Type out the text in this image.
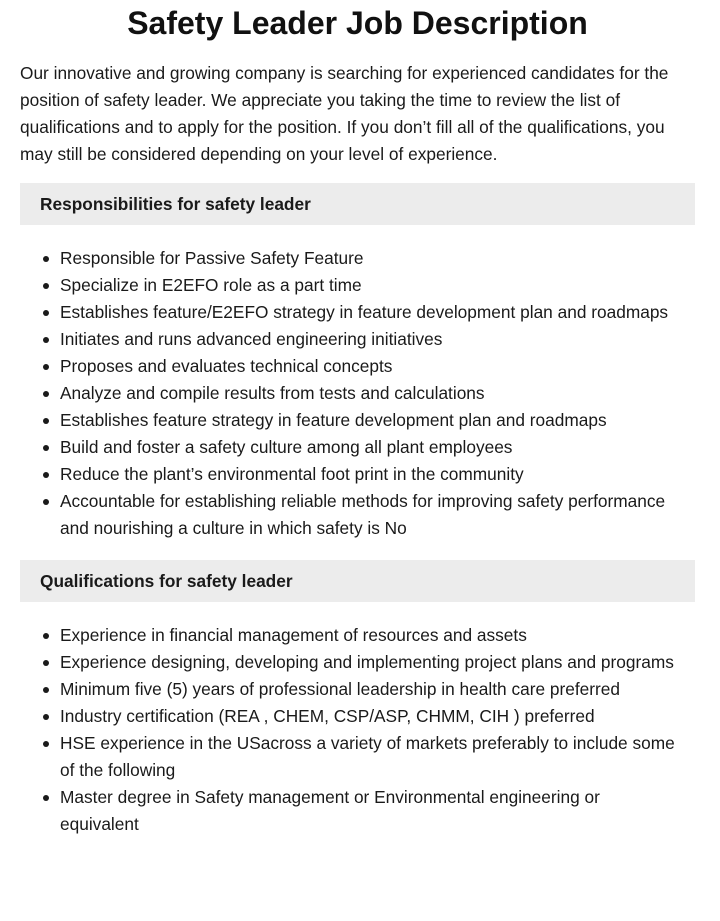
Safety Leader Job Description

Our innovative and growing company is searching for experienced candidates for the position of safety leader. We appreciate you taking the time to review the list of qualifications and to apply for the position. If you don’t fill all of the qualifications, you may still be considered depending on your level of experience.

Responsibilities for safety leader
Responsible for Passive Safety Feature
Specialize in E2EFO role as a part time
Establishes feature/E2EFO strategy in feature development plan and roadmaps
Initiates and runs advanced engineering initiatives
Proposes and evaluates technical concepts
Analyze and compile results from tests and calculations
Establishes feature strategy in feature development plan and roadmaps
Build and foster a safety culture among all plant employees
Reduce the plant’s environmental foot print in the community
Accountable for establishing reliable methods for improving safety performance and nourishing a culture in which safety is No
Qualifications for safety leader
Experience in financial management of resources and assets
Experience designing, developing and implementing project plans and programs
Minimum five (5) years of professional leadership in health care preferred
Industry certification (REA , CHEM, CSP/ASP, CHMM, CIH ) preferred
HSE experience in the USacross a variety of markets preferably to include some of the following
Master degree in Safety management or Environmental engineering or equivalent
